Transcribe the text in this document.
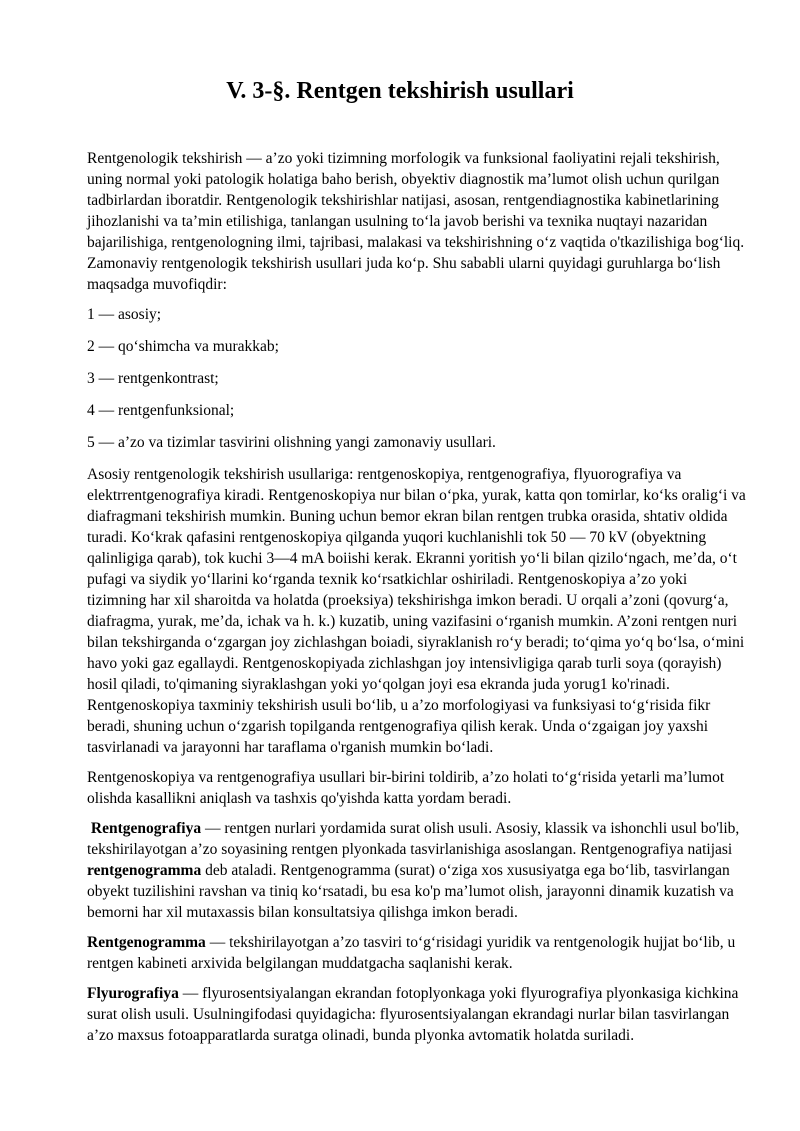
V. 3-§. Rentgen tekshirish usullari

Rentgenologik tekshirish — a’zo yoki tizimning morfologik va funksional faoliyatini rejali tekshirish, uning normal yoki patologik holatiga baho berish, obyektiv diagnostik ma’lumot olish uchun qurilgan tadbirlardan iboratdir. Rentgenologik tekshirishlar natijasi, asosan, rentgendiagnostika kabinetlarining jihozlanishi va ta’min etilishiga, tanlangan usulning to‘la javob berishi va texnika nuqtayi nazaridan bajarilishiga, rentgenologning ilmi, tajribasi, malakasi va tekshirishning o‘z vaqtida o'tkazilishiga bog‘liq. Zamonaviy rentgenologik tekshirish usullari juda ko‘p. Shu sababli ularni quyidagi guruhlarga bo‘lish maqsadga muvofiqdir:

1 — asosiy;

2 — qo‘shimcha va murakkab;

3 — rentgenkontrast;

4 — rentgenfunksional;

5 — a’zo va tizimlar tasvirini olishning yangi zamonaviy usullari.

Asosiy rentgenologik tekshirish usullariga: rentgenoskopiya, rentgenografiya, flyuorografiya va elektrrentgenografiya kiradi. Rentgenoskopiya nur bilan o‘pka, yurak, katta qon tomirlar, ko‘ks oralig‘i va diafragmani tekshirish mumkin. Buning uchun bemor ekran bilan rentgen trubka orasida, shtativ oldida turadi. Ko‘krak qafasini rentgenoskopiya qilganda yuqori kuchlanishli tok 50 — 70 kV (obyektning qalinligiga qarab), tok kuchi 3—4 mA boiishi kerak. Ekranni yoritish yo‘li bilan qizilo‘ngach, me’da, o‘t pufagi va siydik yo‘llarini ko‘rganda texnik ko‘rsatkichlar oshiriladi. Rentgenoskopiya a’zo yoki tizimning har xil sharoitda va holatda (proeksiya) tekshirishga imkon beradi. U orqali a’zoni (qovurg‘a, diafragma, yurak, me’da, ichak va h. k.) kuzatib, uning vazifasini o‘rganish mumkin. A’zoni rentgen nuri bilan tekshirganda o‘zgargan joy zichlashgan boiadi, siyraklanish ro‘y beradi; to‘qima yo‘q bo‘lsa, o‘mini havo yoki gaz egallaydi. Rentgenoskopiyada zichlashgan joy intensivligiga qarab turli soya (qorayish) hosil qiladi, to'qimaning siyraklashgan yoki yo‘qolgan joyi esa ekranda juda yorug1 ko'rinadi. Rentgenoskopiya taxminiy tekshirish usuli bo‘lib, u a’zo morfologiyasi va funksiyasi to‘g‘risida fikr beradi, shuning uchun o‘zgarish topilganda rentgenografiya qilish kerak. Unda o‘zgaigan joy yaxshi tasvirlanadi va jarayonni har taraflama o'rganish mumkin bo‘ladi.

Rentgenoskopiya va rentgenografiya usullari bir-birini toldirib, a’zo holati to‘g‘risida yetarli ma’lumot olishda kasallikni aniqlash va tashxis qo'yishda katta yordam beradi.

Rentgenografiya — rentgen nurlari yordamida surat olish usuli. Asosiy, klassik va ishonchli usul bo'lib, tekshirilayotgan a’zo soyasining rentgen plyonkada tasvirlanishiga asoslangan. Rentgenografiya natijasi rentgenogramma deb ataladi. Rentgenogramma (surat) o‘ziga xos xususiyatga ega bo‘lib, tasvirlangan obyekt tuzilishini ravshan va tiniq ko‘rsatadi, bu esa ko'p ma’lumot olish, jarayonni dinamik kuzatish va bemorni har xil mutaxassis bilan konsultatsiya qilishga imkon beradi.

Rentgenogramma — tekshirilayotgan a’zo tasviri to‘g‘risidagi yuridik va rentgenologik hujjat bo‘lib, u rentgen kabineti arxivida belgilangan muddatgacha saqlanishi kerak.

Flyurografiya — flyurosentsiyalangan ekrandan fotoplyonkaga yoki flyurografiya plyonkasiga kichkina surat olish usuli. Usulningifodasi quyidagicha: flyurosentsiyalangan ekrandagi nurlar bilan tasvirlangan a’zo maxsus fotoapparatlarda suratga olinadi, bunda plyonka avtomatik holatda suriladi.
